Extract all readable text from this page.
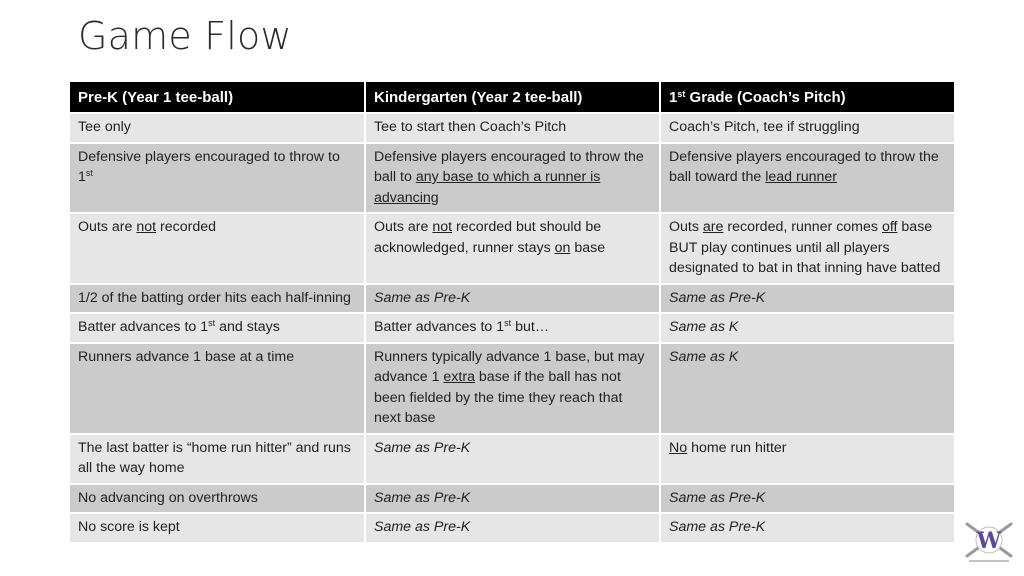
Game Flow
Pre-K (Year 1 tee-ball)	Kindergarten (Year 2 tee-ball)	1st Grade (Coach’s Pitch)
Tee only	Tee to start then Coach’s Pitch	Coach’s Pitch, tee if struggling
Defensive players encouraged to throw to 1st	Defensive players encouraged to throw the ball to any base to which a runner is advancing	Defensive players encouraged to throw the ball toward the lead runner
Outs are not recorded	Outs are not recorded but should be acknowledged, runner stays on base	Outs are recorded, runner comes off base BUT play continues until all players designated to bat in that inning have batted
1/2 of the batting order hits each half-inning	Same as Pre-K	Same as Pre-K
Batter advances to 1st and stays	Batter advances to 1st but…	Same as K
Runners advance 1 base at a time	Runners typically advance 1 base, but may advance 1 extra base if the ball has not been fielded by the time they reach that next base	Same as K
The last batter is “home run hitter” and runs all the way home	Same as Pre-K	No home run hitter
No advancing on overthrows	Same as Pre-K	Same as Pre-K
No score is kept	Same as Pre-K	Same as Pre-K
W
